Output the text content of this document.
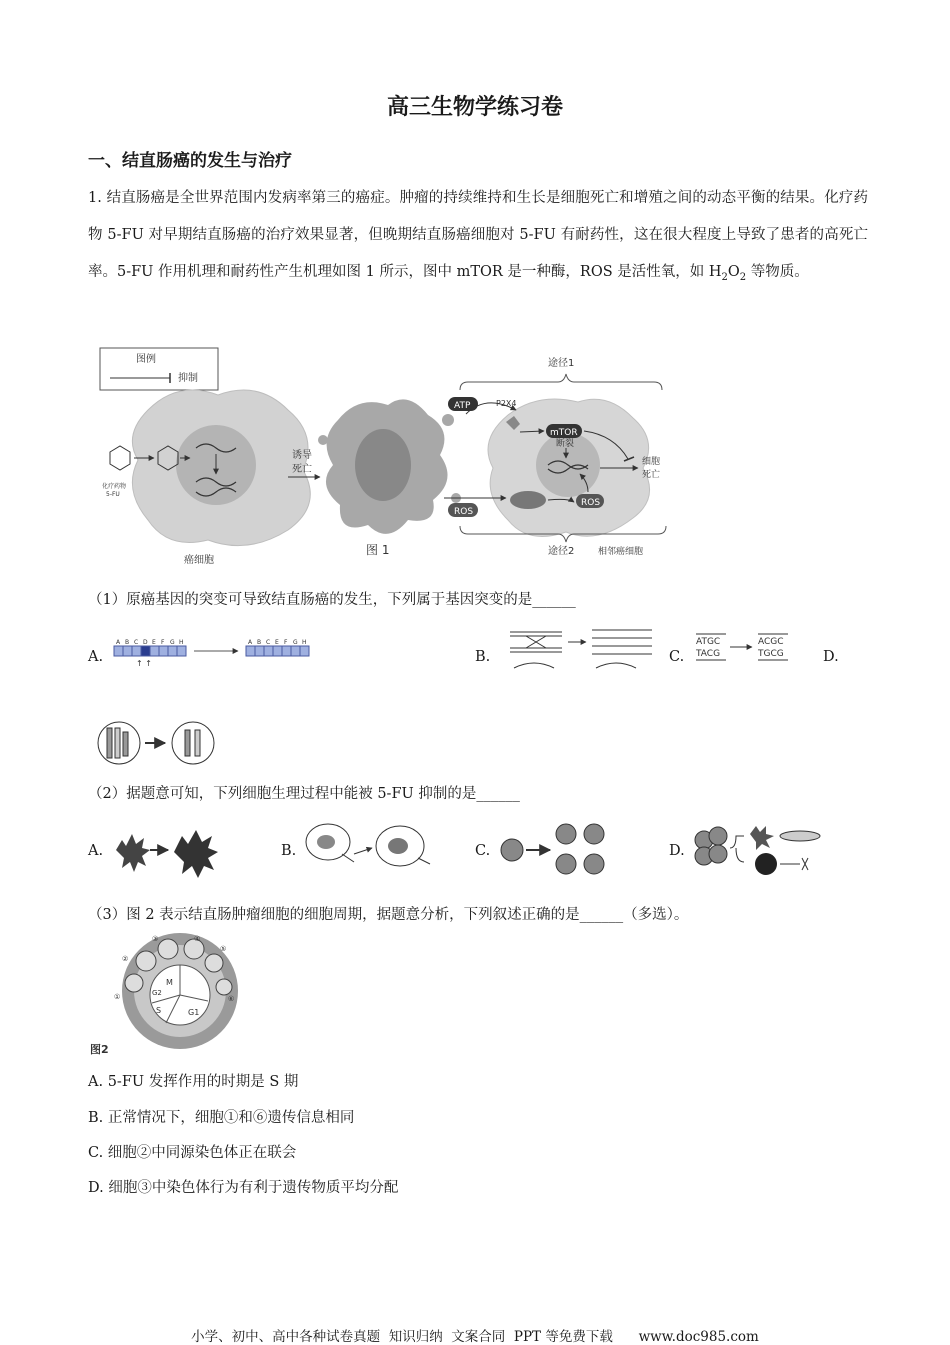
高三生物学练习卷
一、结直肠癌的发生与治疗
1. 结直肠癌是全世界范围内发病率第三的癌症。肿瘤的持续维持和生长是细胞死亡和增殖之间的动态平衡的结果。化疗药物 5-FU 对早期结直肠癌的治疗效果显著，但晚期结直肠癌细胞对 5-FU 有耐药性，这在很大程度上导致了患者的高死亡率。5-FU 作用机理和耐药性产生机理如图 1 所示，图中 mTOR 是一种酶，ROS 是活性氧，如 $H_2O_2$ 等物质。
图例
抑制
化疗药物
5-FU
癌细胞
诱导
死亡
图 1
途径1
断裂
ATP	P2X4
mTOR
细胞
死亡
ROS
ROS
途径2	相邻癌细胞
（1）原癌基因的突变可导致结直肠癌的发生，下列属于基因突变的是______
A.
A B C D E F G H	A B C E F G H
↑ ↑	B.	C.
ATGC
TACG
ACGC
TGCG	D.
（2）据题意可知，下列细胞生理过程中能被 5-FU 抑制的是______
A.	B.	C.	D.
（3）图 2 表示结直肠肿瘤细胞的细胞周期，据题意分析，下列叙述正确的是______（多选）。
M
G2
S	G1
①
②
③	④
⑤
⑥
图2
A. 5-FU 发挥作用的时期是 S 期
B. 正常情况下，细胞①和⑥遗传信息相同
C. 细胞②中同源染色体正在联会
D. 细胞③中染色体行为有利于遗传物质平均分配
小学、初中、高中各种试卷真题  知识归纳  文案合同  PPT 等免费下载      www.doc985.com
